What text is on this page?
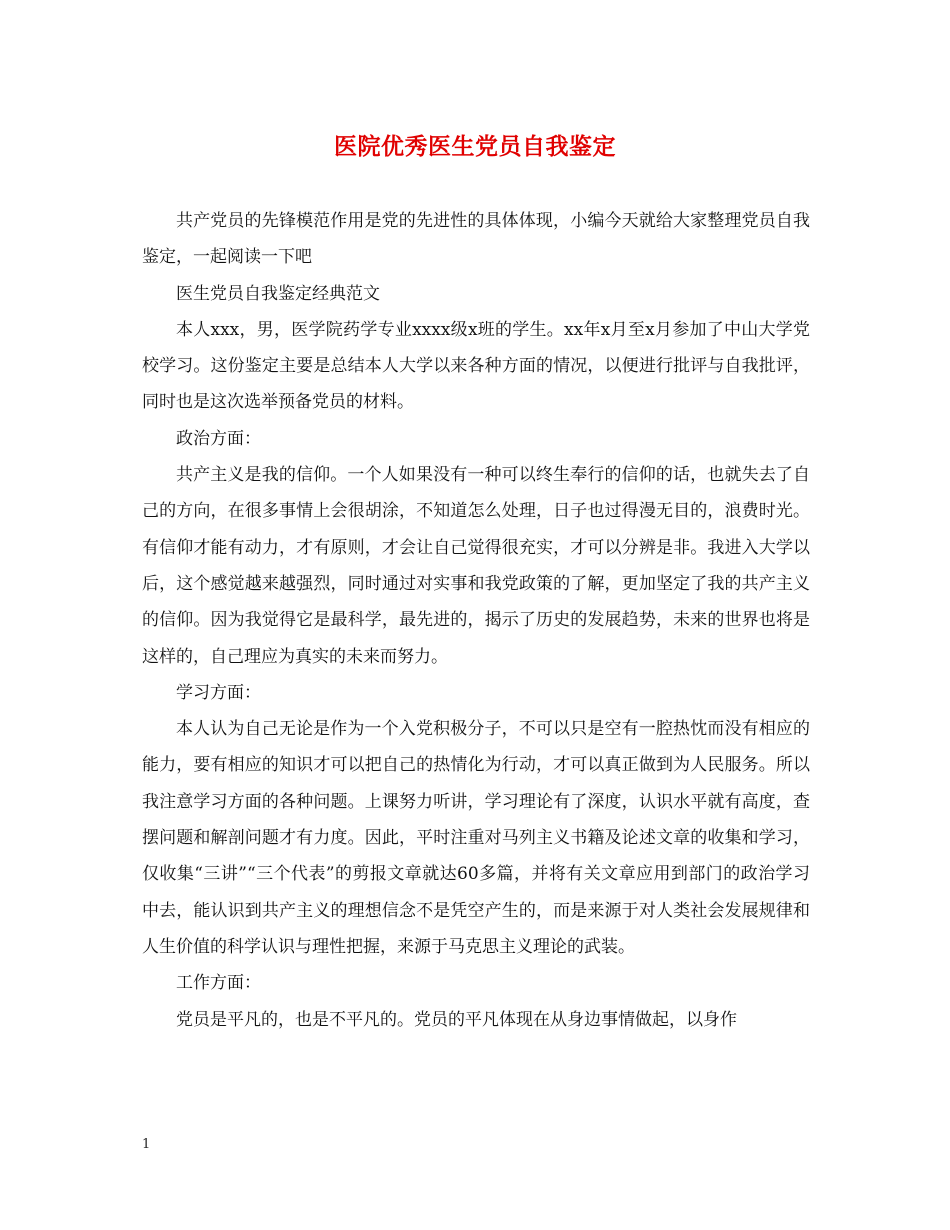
医院优秀医生党员自我鉴定

共产党员的先锋模范作用是党的先进性的具体体现，小编今天就给大家整理党员自我鉴定，一起阅读一下吧

医生党员自我鉴定经典范文

本人xxx，男，医学院药学专业xxxx级x班的学生。xx年x月至x月参加了中山大学党校学习。这份鉴定主要是总结本人大学以来各种方面的情况，以便进行批评与自我批评，同时也是这次选举预备党员的材料。

政治方面：

共产主义是我的信仰。一个人如果没有一种可以终生奉行的信仰的话，也就失去了自己的方向，在很多事情上会很胡涂，不知道怎么处理，日子也过得漫无目的，浪费时光。有信仰才能有动力，才有原则，才会让自己觉得很充实，才可以分辨是非。我进入大学以后，这个感觉越来越强烈，同时通过对实事和我党政策的了解，更加坚定了我的共产主义的信仰。因为我觉得它是最科学，最先进的，揭示了历史的发展趋势，未来的世界也将是这样的，自己理应为真实的未来而努力。

学习方面：

本人认为自己无论是作为一个入党积极分子，不可以只是空有一腔热忱而没有相应的能力，要有相应的知识才可以把自己的热情化为行动，才可以真正做到为人民服务。所以我注意学习方面的各种问题。上课努力听讲，学习理论有了深度，认识水平就有高度，查摆问题和解剖问题才有力度。因此，平时注重对马列主义书籍及论述文章的收集和学习，仅收集“三讲”“三个代表”的剪报文章就达60多篇，并将有关文章应用到部门的政治学习中去，能认识到共产主义的理想信念不是凭空产生的，而是来源于对人类社会发展规律和人生价值的科学认识与理性把握，来源于马克思主义理论的武装。

工作方面：

党员是平凡的，也是不平凡的。党员的平凡体现在从身边事情做起，以身作

1
